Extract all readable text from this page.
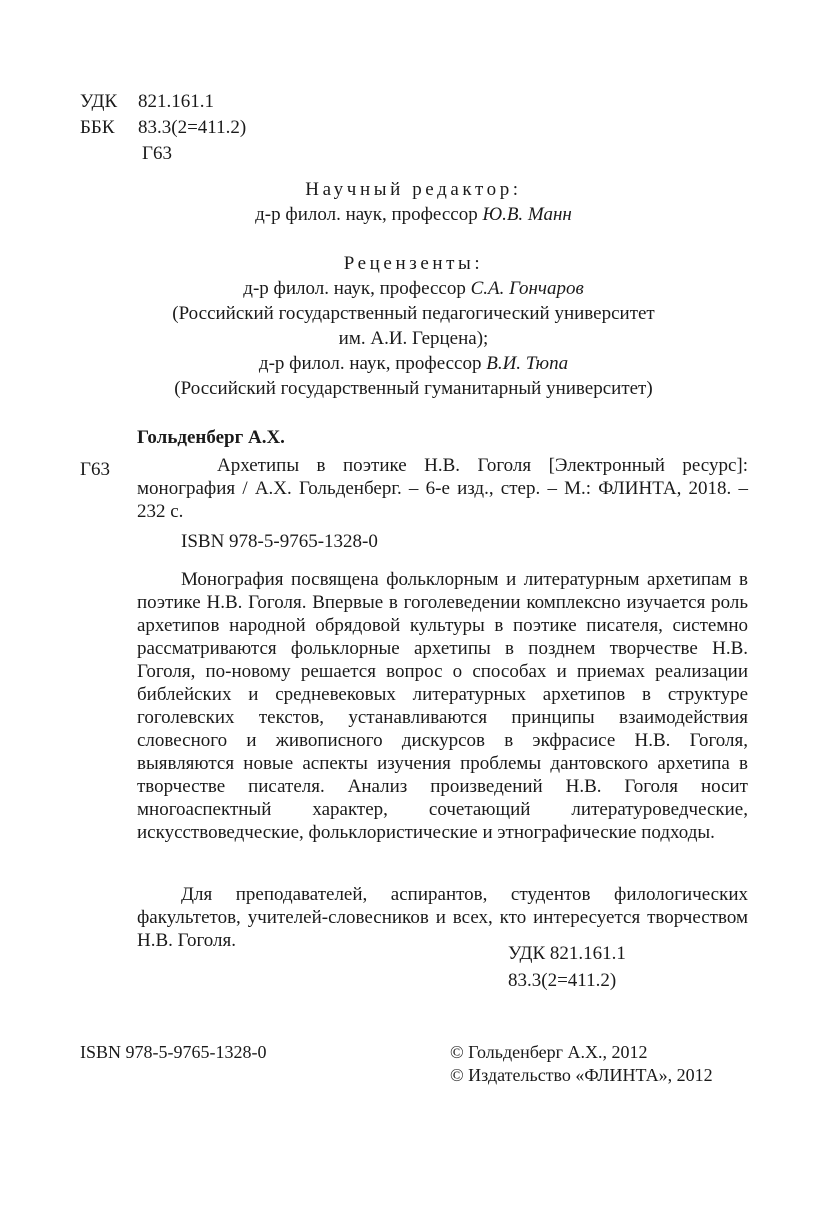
УДК	821.161.1
ББК	83.3(2=411.2)
Г63
Научный редактор:
д-р филол. наук, профессор Ю.В. Манн
Рецензенты:
д-р филол. наук, профессор С.А. Гончаров
(Российский государственный педагогический университет
им. А.И. Герцена);
д-р филол. наук, профессор В.И. Тюпа
(Российский государственный гуманитарный университет)
Гольденберг А.Х.
Г63	Архетипы в поэтике Н.В. Гоголя [Электронный ресурс]: монография / А.Х. Гольденберг. – 6-е изд., стер. – М.: ФЛИНТА, 2018. – 232 с.
ISBN 978-5-9765-1328-0
Монография посвящена фольклорным и литературным архетипам в поэтике Н.В. Гоголя. Впервые в гоголеведении комплексно изучается роль архетипов народной обрядовой культуры в поэтике писателя, системно рассматриваются фольклорные архетипы в позднем творчестве Н.В. Гоголя, по-новому решается вопрос о способах и приемах реализации библейских и средневековых литературных архетипов в структуре гоголевских текстов, устанавливаются принципы взаимодействия словесного и живописного дискурсов в экфрасисе Н.В. Гоголя, выявляются новые аспекты изучения проблемы дантовского архетипа в творчестве писателя. Анализ произведений Н.В. Гоголя носит многоаспектный характер, сочетающий литературоведческие, искусствоведческие, фольклористические и этнографические подходы.
Для преподавателей, аспирантов, студентов филологических факультетов, учителей-словесников и всех, кто интересуется творчеством Н.В. Гоголя.
УДК 821.161.1
83.3(2=411.2)
ISBN 978-5-9765-1328-0	© Гольденберг А.Х., 2012
© Издательство «ФЛИНТА», 2012
